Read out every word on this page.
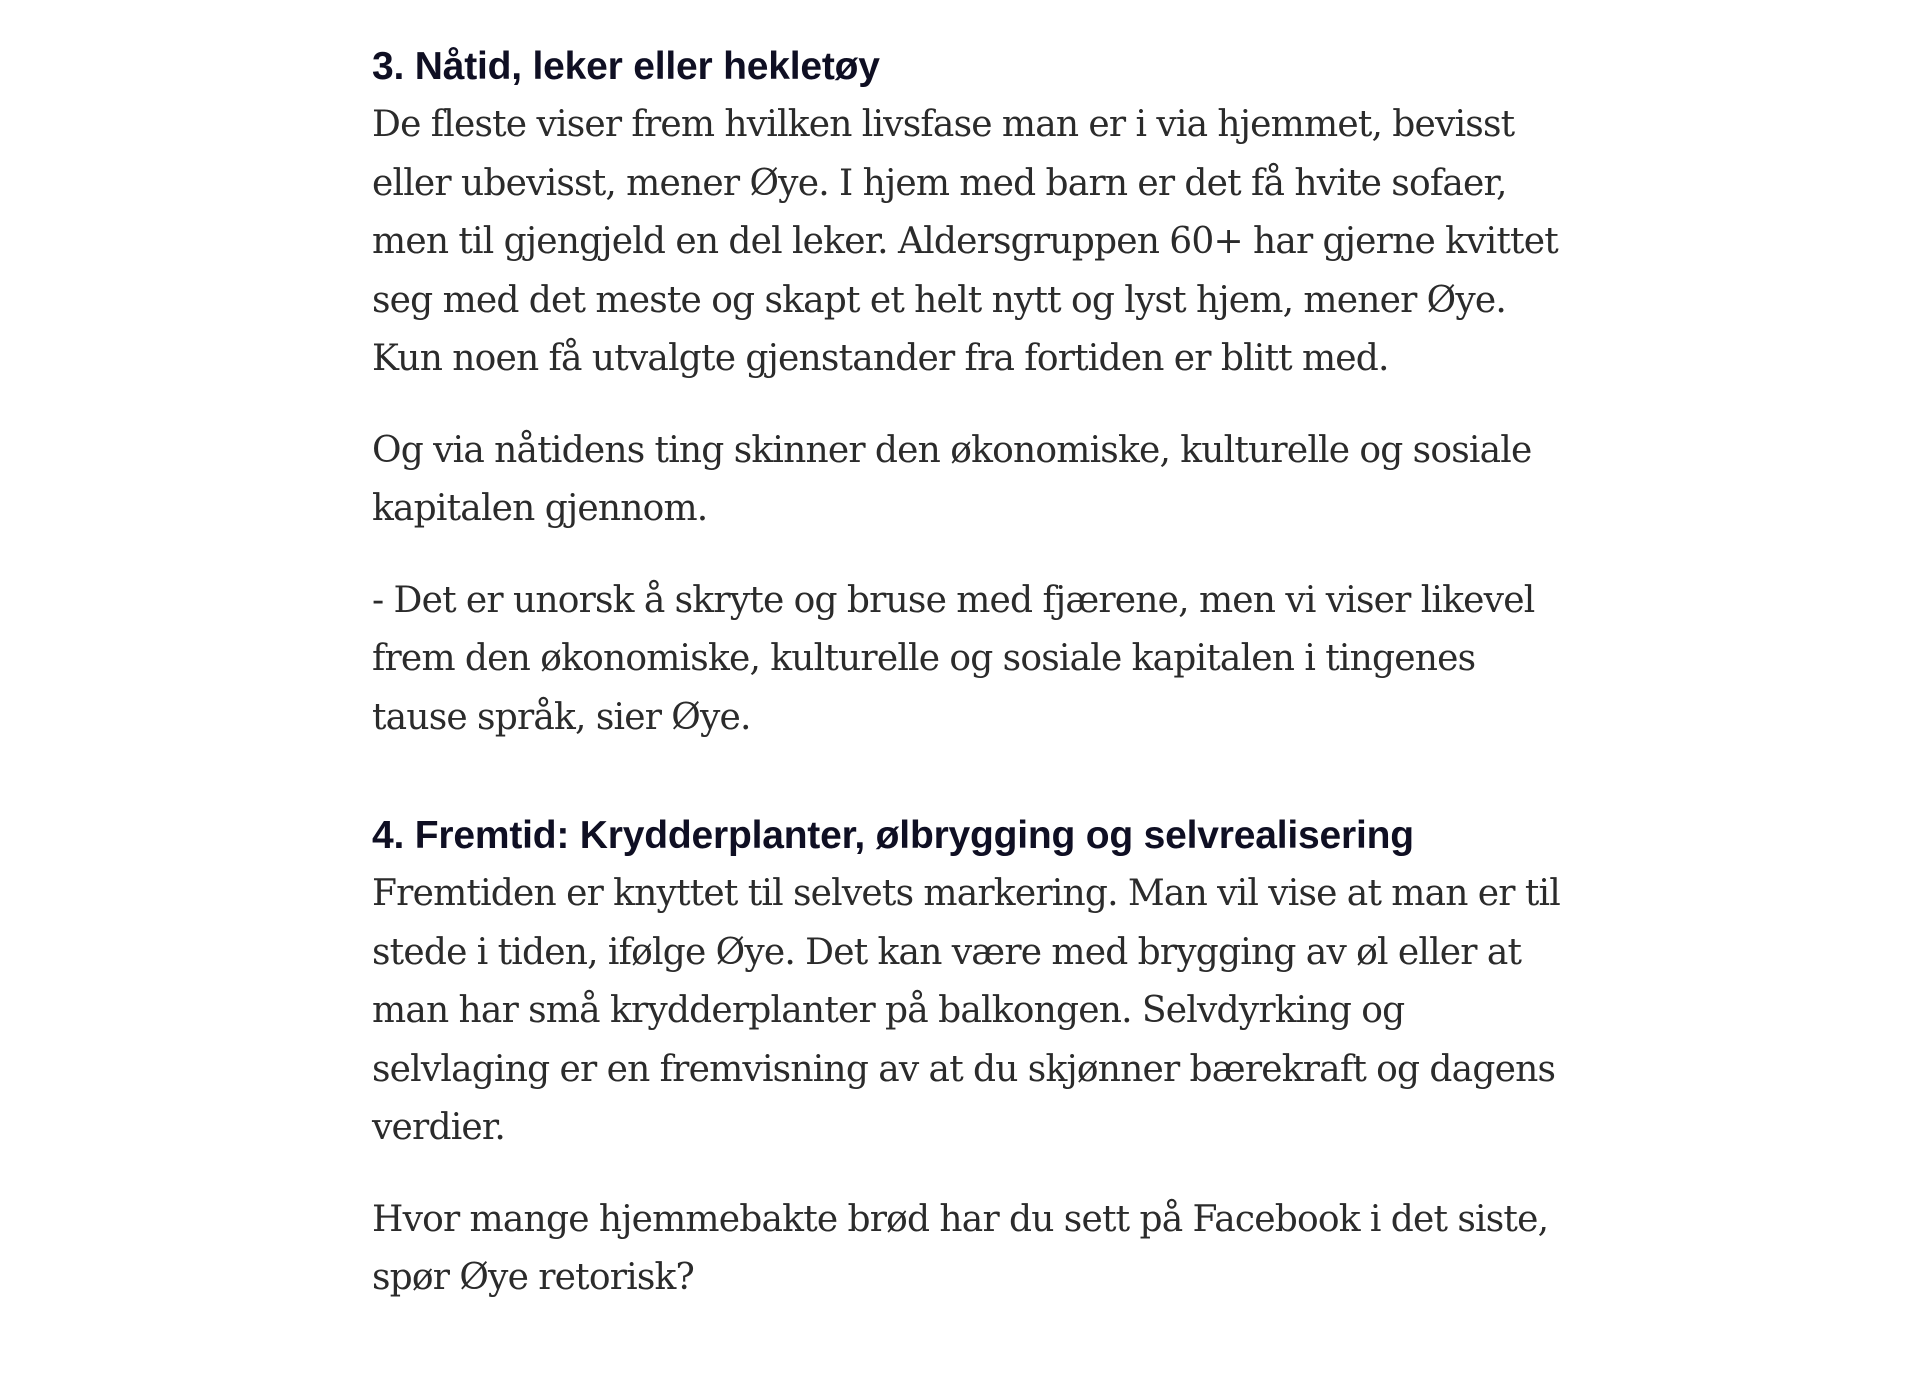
3. Nåtid, leker eller hekletøy

De fleste viser frem hvilken livsfase man er i via hjemmet, bevisst eller ubevisst, mener Øye. I hjem med barn er det få hvite sofaer, men til gjengjeld en del leker. Aldersgruppen 60+ har gjerne kvittet seg med det meste og skapt et helt nytt og lyst hjem, mener Øye. Kun noen få utvalgte gjenstander fra fortiden er blitt med.

Og via nåtidens ting skinner den økonomiske, kulturelle og sosiale kapitalen gjennom.

- Det er unorsk å skryte og bruse med fjærene, men vi viser likevel frem den økonomiske, kulturelle og sosiale kapitalen i tingenes tause språk, sier Øye.

4. Fremtid: Krydderplanter, ølbrygging og selvrealisering

Fremtiden er knyttet til selvets markering. Man vil vise at man er til stede i tiden, ifølge Øye. Det kan være med brygging av øl eller at man har små krydderplanter på balkongen. Selvdyrking og selvlaging er en fremvisning av at du skjønner bærekraft og dagens verdier.

Hvor mange hjemmebakte brød har du sett på Facebook i det siste, spør Øye retorisk?
